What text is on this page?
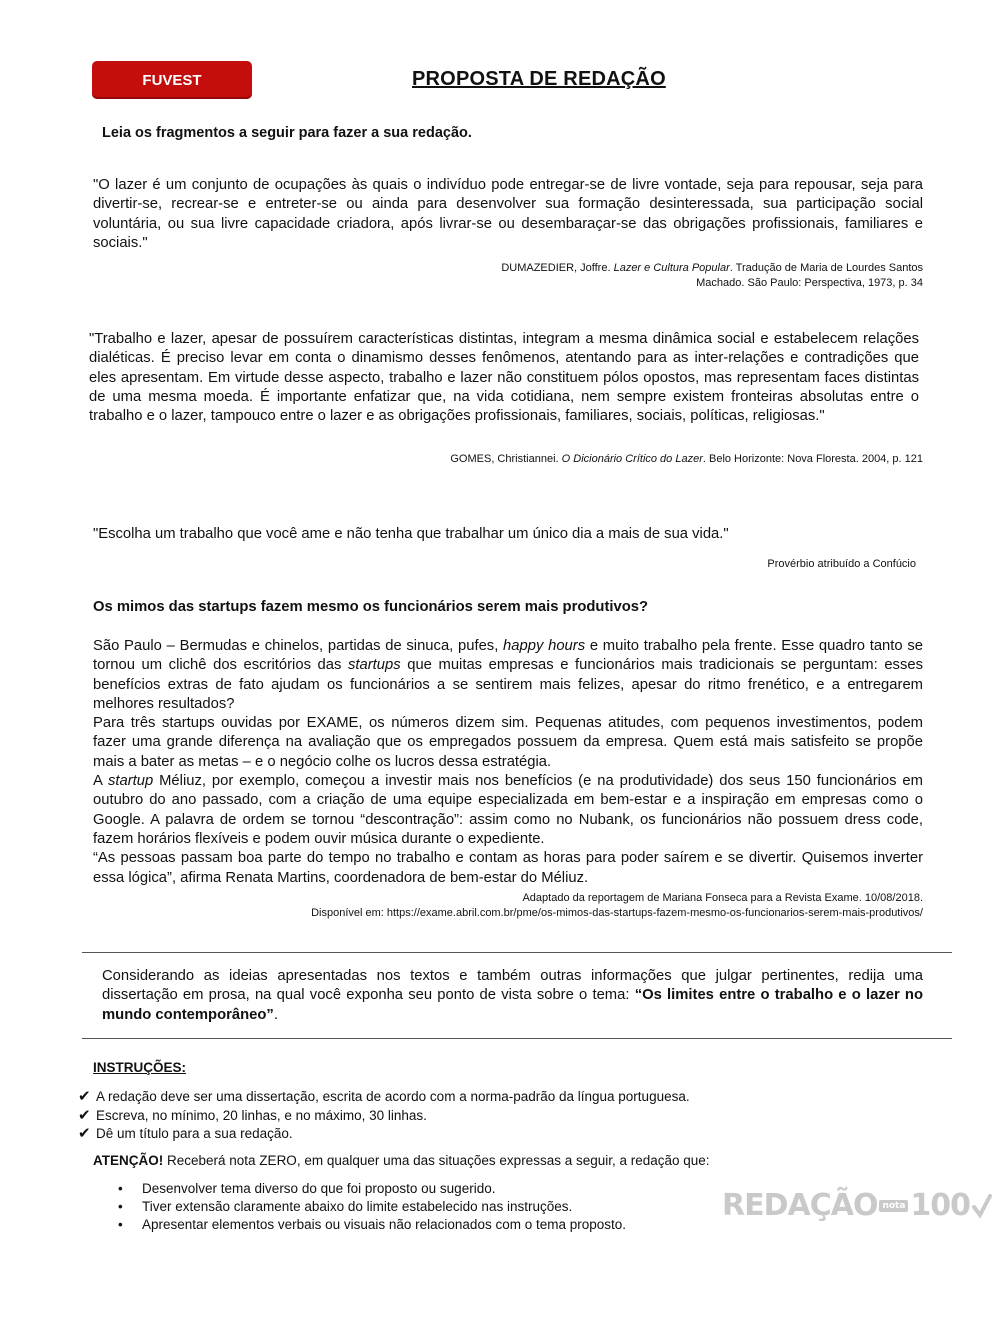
FUVEST	PROPOSTA DE REDAÇÃO
Leia os fragmentos a seguir para fazer a sua redação.

"O lazer é um conjunto de ocupações às quais o indivíduo pode entregar-se de livre vontade, seja para repousar, seja para divertir-se, recrear-se e entreter-se ou ainda para desenvolver sua formação desinteressada, sua participação social voluntária, ou sua livre capacidade criadora, após livrar-se ou desembaraçar-se das obrigações profissionais, familiares e sociais."

DUMAZEDIER, Joffre. Lazer e Cultura Popular. Tradução de Maria de Lourdes Santos

Machado. São Paulo: Perspectiva, 1973, p. 34

"Trabalho e lazer, apesar de possuírem características distintas, integram a mesma dinâmica social e estabelecem relações dialéticas. É preciso levar em conta o dinamismo desses fenômenos, atentando para as inter-relações e contradições que eles apresentam. Em virtude desse aspecto, trabalho e lazer não constituem pólos opostos, mas representam faces distintas de uma mesma moeda. É importante enfatizar que, na vida cotidiana, nem sempre existem fronteiras absolutas entre o trabalho e o lazer, tampouco entre o lazer e as obrigações profissionais, familiares, sociais, políticas, religiosas."

GOMES, Christiannei. O Dicionário Crítico do Lazer. Belo Horizonte: Nova Floresta. 2004, p. 121

"Escolha um trabalho que você ame e não tenha que trabalhar um único dia a mais de sua vida."

Provérbio atribuído a Confúcio

Os mimos das startups fazem mesmo os funcionários serem mais produtivos?

São Paulo – Bermudas e chinelos, partidas de sinuca, pufes, happy hours e muito trabalho pela frente. Esse quadro tanto se tornou um clichê dos escritórios das startups que muitas empresas e funcionários mais tradicionais se perguntam: esses benefícios extras de fato ajudam os funcionários a se sentirem mais felizes, apesar do ritmo frenético, e a entregarem melhores resultados?

Para três startups ouvidas por EXAME, os números dizem sim. Pequenas atitudes, com pequenos investimentos, podem fazer uma grande diferença na avaliação que os empregados possuem da empresa. Quem está mais satisfeito se propõe mais a bater as metas – e o negócio colhe os lucros dessa estratégia.

A startup Méliuz, por exemplo, começou a investir mais nos benefícios (e na produtividade) dos seus 150 funcionários em outubro do ano passado, com a criação de uma equipe especializada em bem-estar e a inspiração em empresas como o Google. A palavra de ordem se tornou “descontração”: assim como no Nubank, os funcionários não possuem dress code, fazem horários flexíveis e podem ouvir música durante o expediente.

“As pessoas passam boa parte do tempo no trabalho e contam as horas para poder saírem e se divertir. Quisemos inverter essa lógica”, afirma Renata Martins, coordenadora de bem-estar do Méliuz.

Adaptado da reportagem de Mariana Fonseca para a Revista Exame. 10/08/2018.

Disponível em: https://exame.abril.com.br/pme/os-mimos-das-startups-fazem-mesmo-os-funcionarios-serem-mais-produtivos/

Considerando as ideias apresentadas nos textos e também outras informações que julgar pertinentes, redija uma dissertação em prosa, na qual você exponha seu ponto de vista sobre o tema: “Os limites entre o trabalho e o lazer no mundo contemporâneo”.

INSTRUÇÕES:
✔ A redação deve ser uma dissertação, escrita de acordo com a norma-padrão da língua portuguesa.
✔ Escreva, no mínimo, 20 linhas, e no máximo, 30 linhas.
✔ Dê um título para a sua redação.
ATENÇÃO! Receberá nota ZERO, em qualquer uma das situações expressas a seguir, a redação que:
• Desenvolver tema diverso do que foi proposto ou sugerido.
• Tiver extensão claramente abaixo do limite estabelecido nas instruções.
• Apresentar elementos verbais ou visuais não relacionados com o tema proposto.
REDAÇÃO nota 100
